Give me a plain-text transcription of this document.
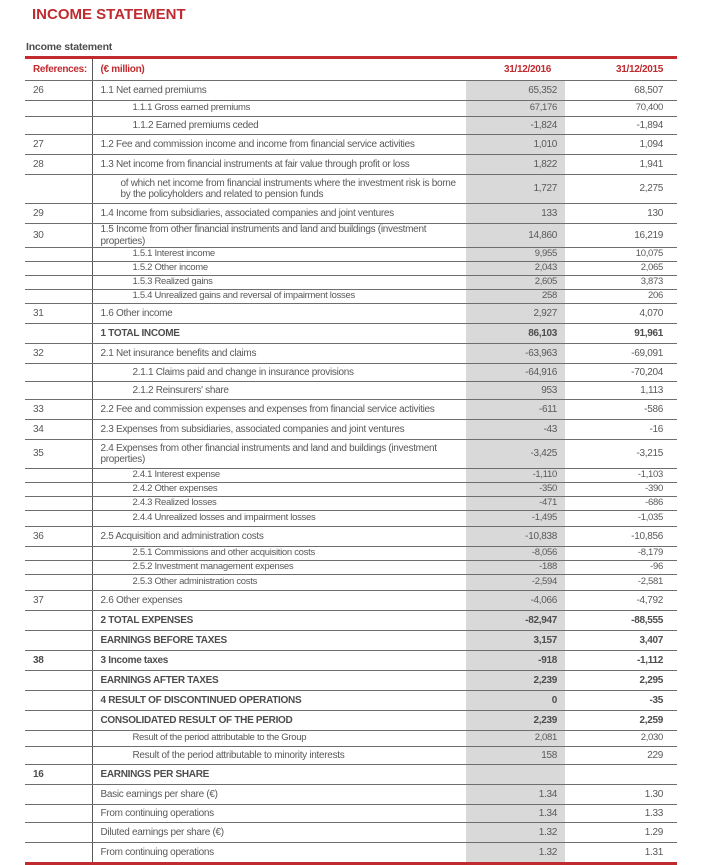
INCOME STATEMENT
Income statement
References:	(€ million)	31/12/2016	31/12/2015
26	1.1 Net earned premiums	65,352	68,507
	1.1.1 Gross earned premiums	67,176	70,400
	1.1.2 Earned premiums ceded	-1,824	-1,894
27	1.2 Fee and commission income and income from financial service activities	1,010	1,094
28	1.3 Net income from financial instruments at fair value through profit or loss	1,822	1,941
	of which net income from financial instruments where the investment risk is borne by the policyholders and related to pension funds	1,727	2,275
29	1.4 Income from subsidiaries, associated companies and joint ventures	133	130
30	1.5 Income from other financial instruments and land and buildings (investment properties)	14,860	16,219
	1.5.1 Interest income	9,955	10,075
	1.5.2 Other income	2,043	2,065
	1.5.3 Realized gains	2,605	3,873
	1.5.4 Unrealized gains and reversal of impairment losses	258	206
31	1.6 Other income	2,927	4,070
	1 TOTAL INCOME	86,103	91,961
32	2.1 Net insurance benefits and claims	-63,963	-69,091
	2.1.1 Claims paid and change in insurance provisions	-64,916	-70,204
	2.1.2 Reinsurers' share	953	1,113
33	2.2 Fee and commission expenses and expenses from financial service activities	-611	-586
34	2.3 Expenses from subsidiaries, associated companies and joint ventures	-43	-16
35	2.4 Expenses from other financial instruments and land and buildings (investment properties)	-3,425	-3,215
	2.4.1 Interest expense	-1,110	-1,103
	2.4.2 Other expenses	-350	-390
	2.4.3 Realized losses	-471	-686
	2.4.4 Unrealized losses and impairment losses	-1,495	-1,035
36	2.5 Acquisition and administration costs	-10,838	-10,856
	2.5.1 Commissions and other acquisition costs	-8,056	-8,179
	2.5.2 Investment management expenses	-188	-96
	2.5.3 Other administration costs	-2,594	-2,581
37	2.6 Other expenses	-4,066	-4,792
	2 TOTAL EXPENSES	-82,947	-88,555
	EARNINGS BEFORE TAXES	3,157	3,407
38	3 Income taxes	-918	-1,112
	EARNINGS AFTER TAXES	2,239	2,295
	4 RESULT OF DISCONTINUED OPERATIONS	0	-35
	CONSOLIDATED RESULT OF THE PERIOD	2,239	2,259
	Result of the period attributable to the Group	2,081	2,030
	Result of the period attributable to minority interests	158	229
16	EARNINGS PER SHARE		
	Basic earnings per share (€)	1.34	1.30
	From continuing operations	1.34	1.33
	Diluted earnings per share (€)	1.32	1.29
	From continuing operations	1.32	1.31
